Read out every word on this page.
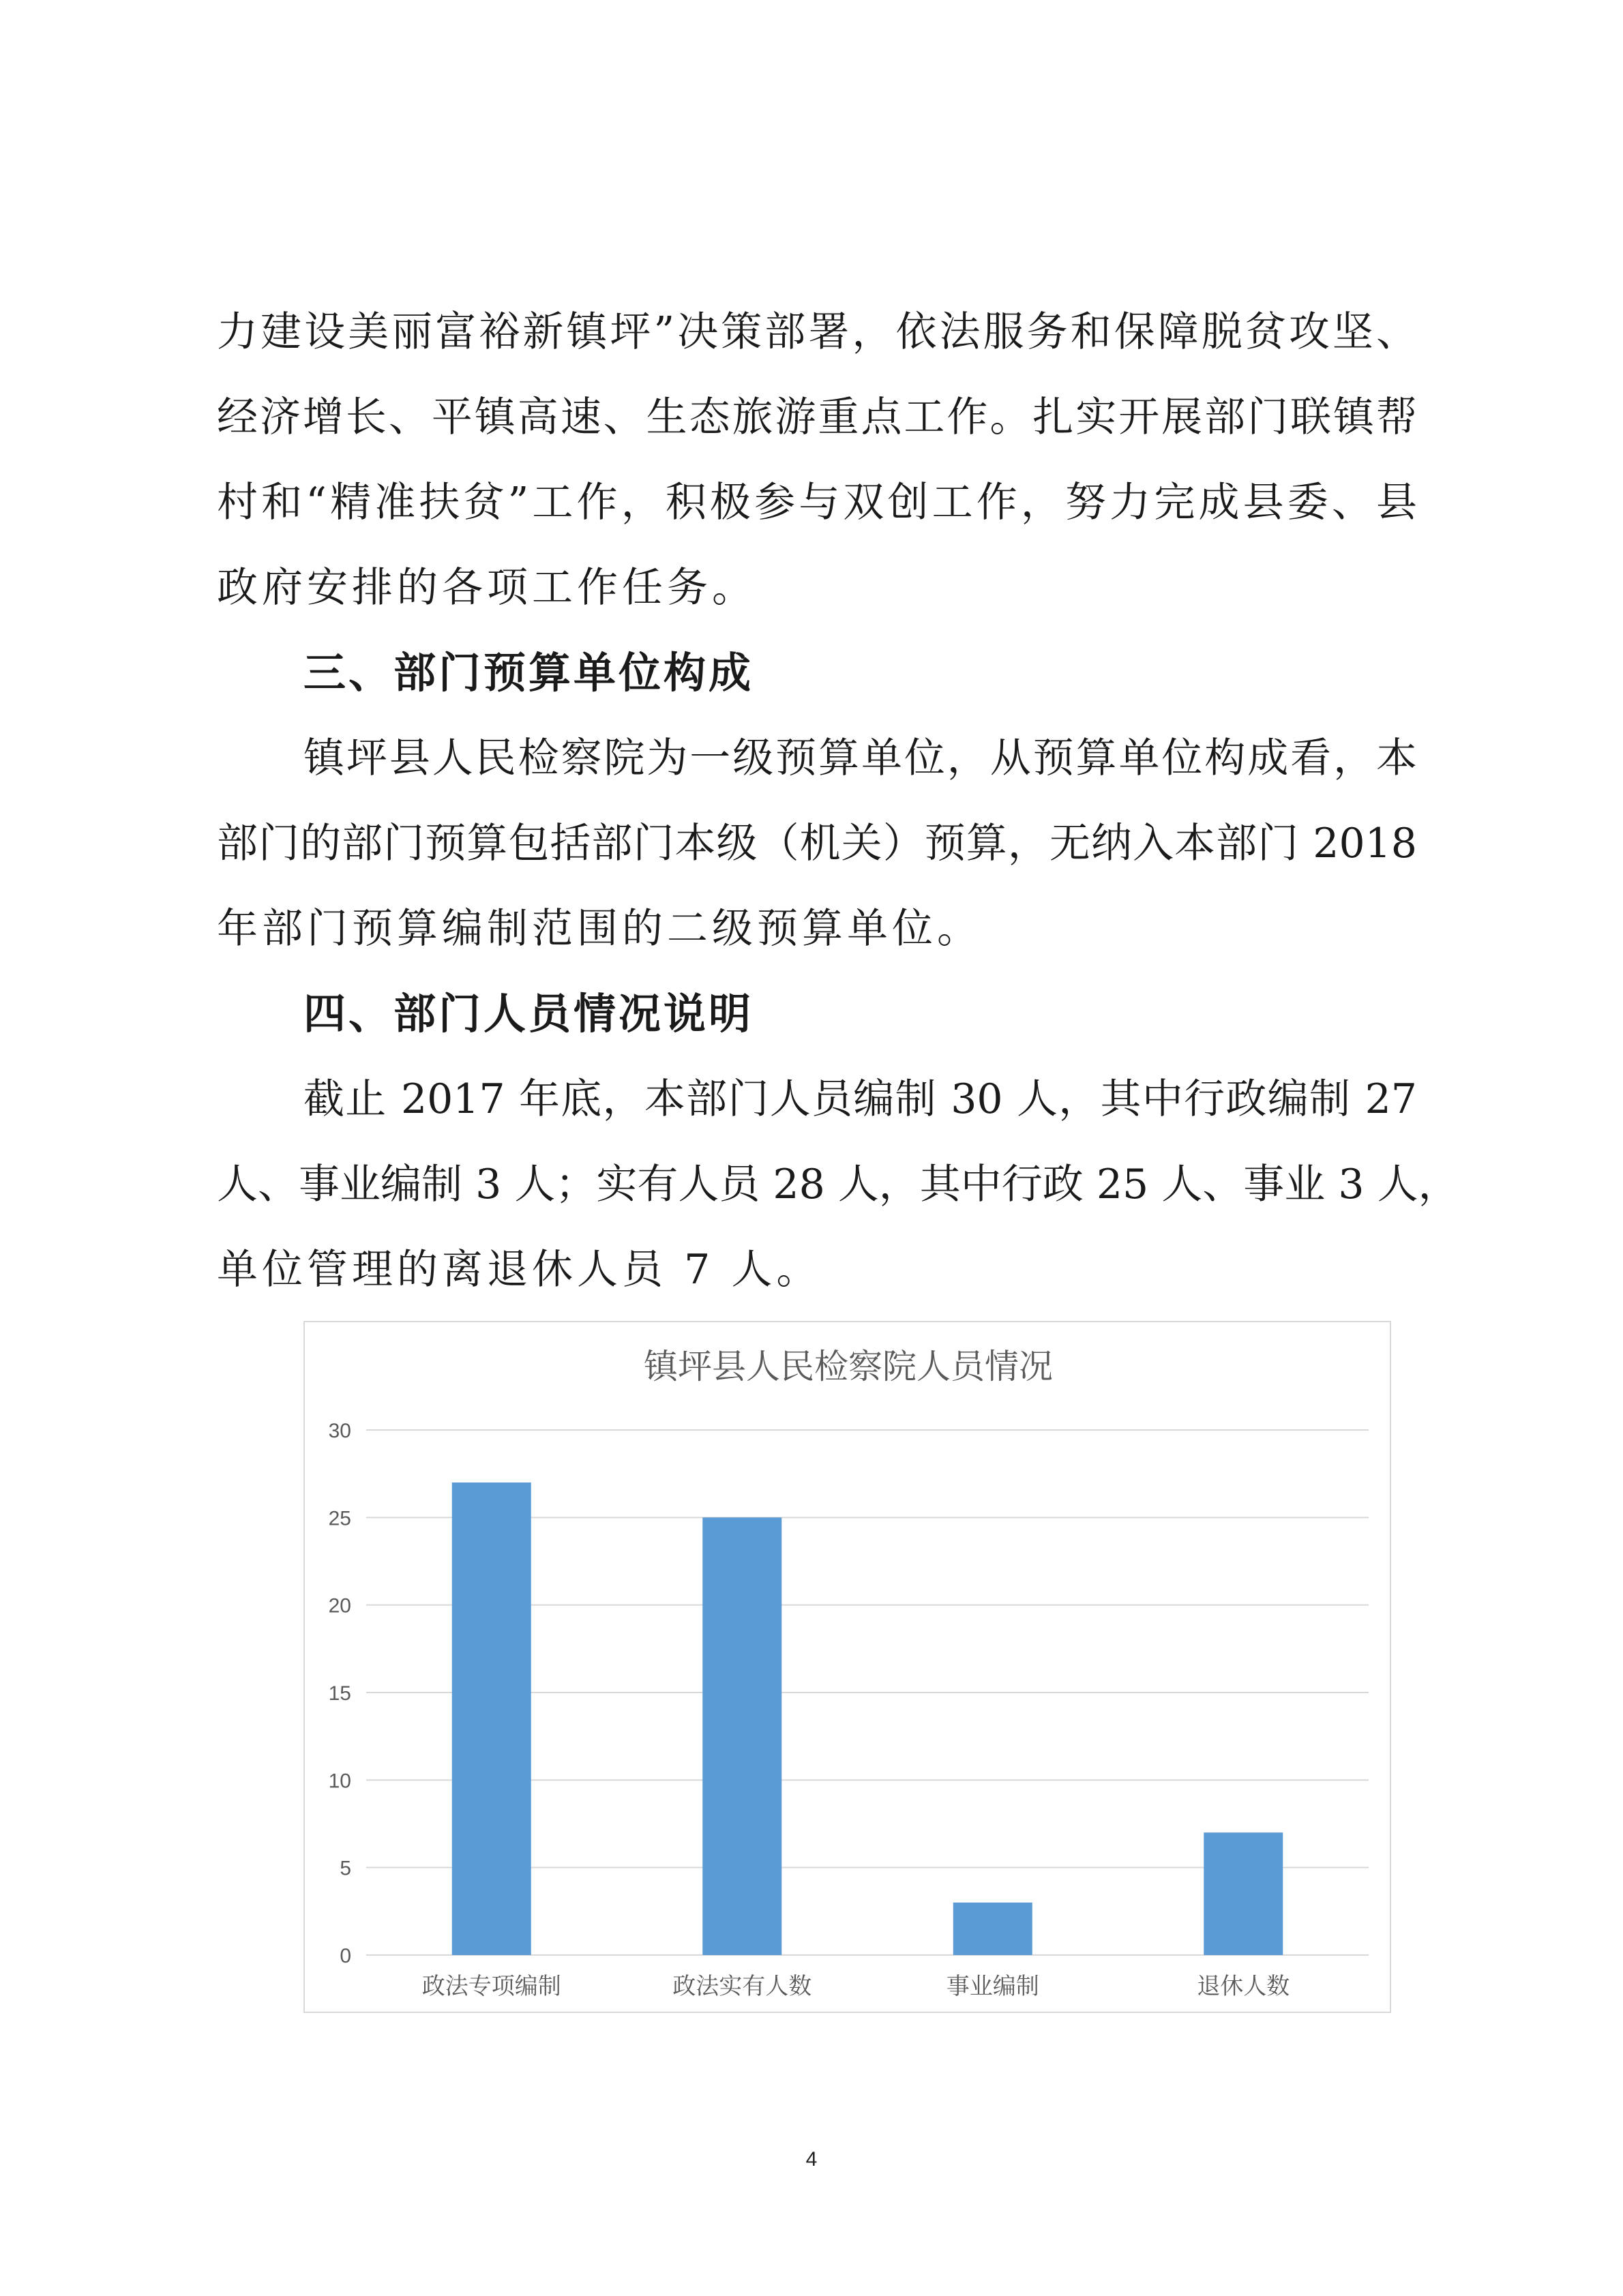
力建设美丽富裕新镇坪”决策部署，依法服务和保障脱贫攻坚、
经济增长、平镇高速、生态旅游重点工作。扎实开展部门联镇帮
村和“精准扶贫”工作，积极参与双创工作，努力完成县委、县
政府安排的各项工作任务。
三、部门预算单位构成
镇坪县人民检察院为一级预算单位，从预算单位构成看，本
部门的部门预算包括部门本级（机关）预算，无纳入本部门 2018
年部门预算编制范围的二级预算单位。
四、部门人员情况说明
截止 2017 年底，本部门人员编制 30 人，其中行政编制 27
人、事业编制 3 人；实有人员 28 人，其中行政 25 人、事业 3 人，
单位管理的离退休人员 7 人。
镇坪县人民检察院人员情况
0
5
10
15
20
25
30
政法专项编制	政法实有人数	事业编制	退休人数
4
